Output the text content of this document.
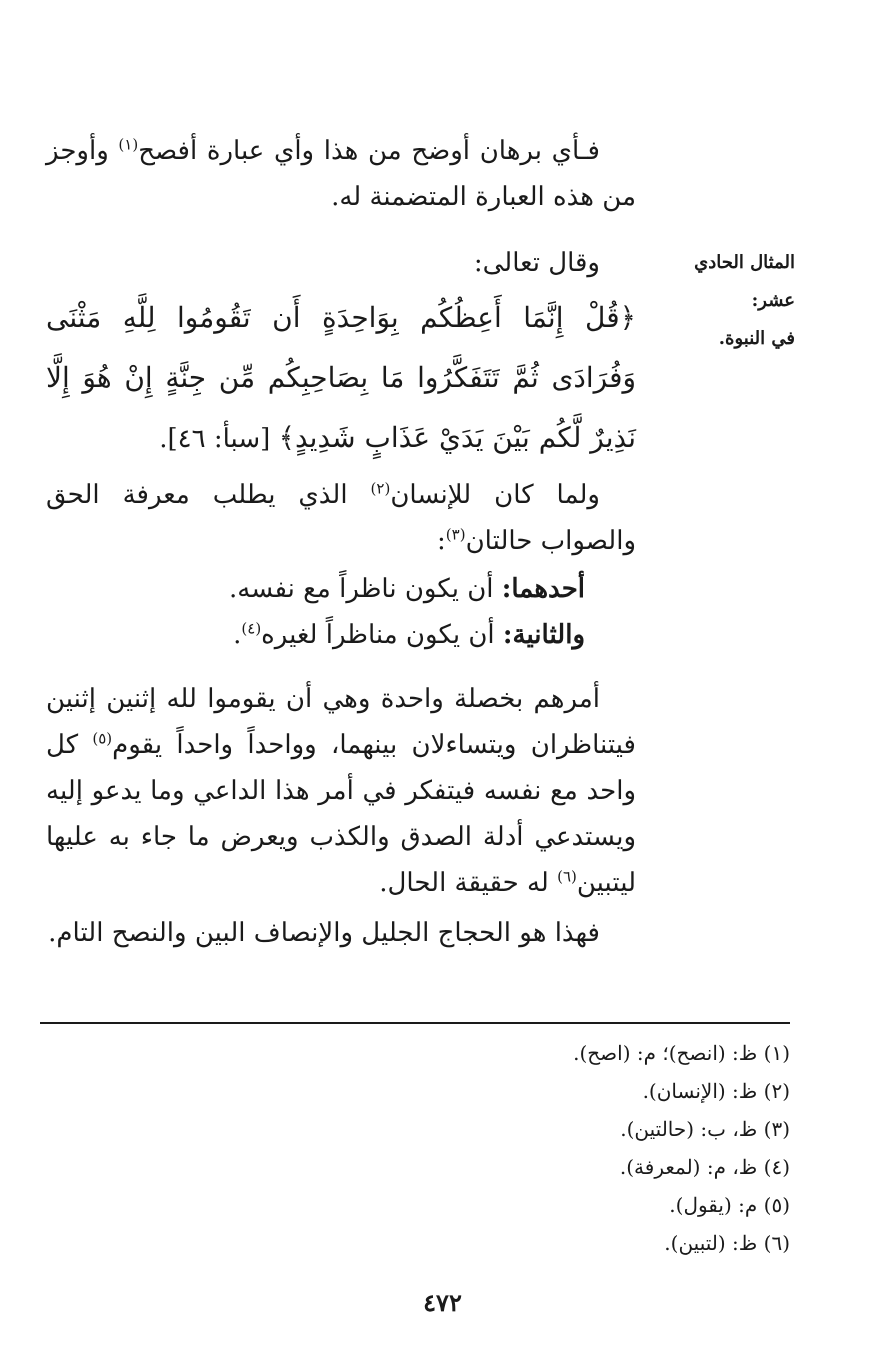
فـأي برهان أوضح من هذا وأي عبارة أفصح$^{(١)}$ وأوجز من هذه العبارة المتضمنة له.
المثال الحادي عشر:
في النبوة.
وقال تعالى:
﴿قُلْ إِنَّمَا أَعِظُكُم بِوَاحِدَةٍ أَن تَقُومُوا لِلَّهِ مَثْنَى وَفُرَادَى ثُمَّ تَتَفَكَّرُوا مَا بِصَاحِبِكُم مِّن جِنَّةٍ إِنْ هُوَ إِلَّا نَذِيرٌ لَّكُم بَيْنَ يَدَيْ عَذَابٍ شَدِيدٍ﴾ [سبأ: ٤٦].
ولما كان للإنسان$^{(٢)}$ الذي يطلب معرفة الحق والصواب حالتان$^{(٣)}$:
أحدهما: أن يكون ناظراً مع نفسه.
والثانية: أن يكون مناظراً لغيره$^{(٤)}$.
أمرهم بخصلة واحدة وهي أن يقوموا لله إثنين إثنين فيتناظران ويتساءلان بينهما، وواحداً واحداً يقوم$^{(٥)}$ كل واحد مع نفسه فيتفكر في أمر هذا الداعي وما يدعو إليه ويستدعي أدلة الصدق والكذب ويعرض ما جاء به عليها ليتبين$^{(٦)}$ له حقيقة الحال.
فهذا هو الحجاج الجليل والإنصاف البين والنصح التام.
(١) ظ: (انصح)؛ م: (اصح).
(٢) ظ: (الإنسان).
(٣) ظ، ب: (حالتين).
(٤) ظ، م: (لمعرفة).
(٥) م: (يقول).
(٦) ظ: (لتبين).
٤٧٢
